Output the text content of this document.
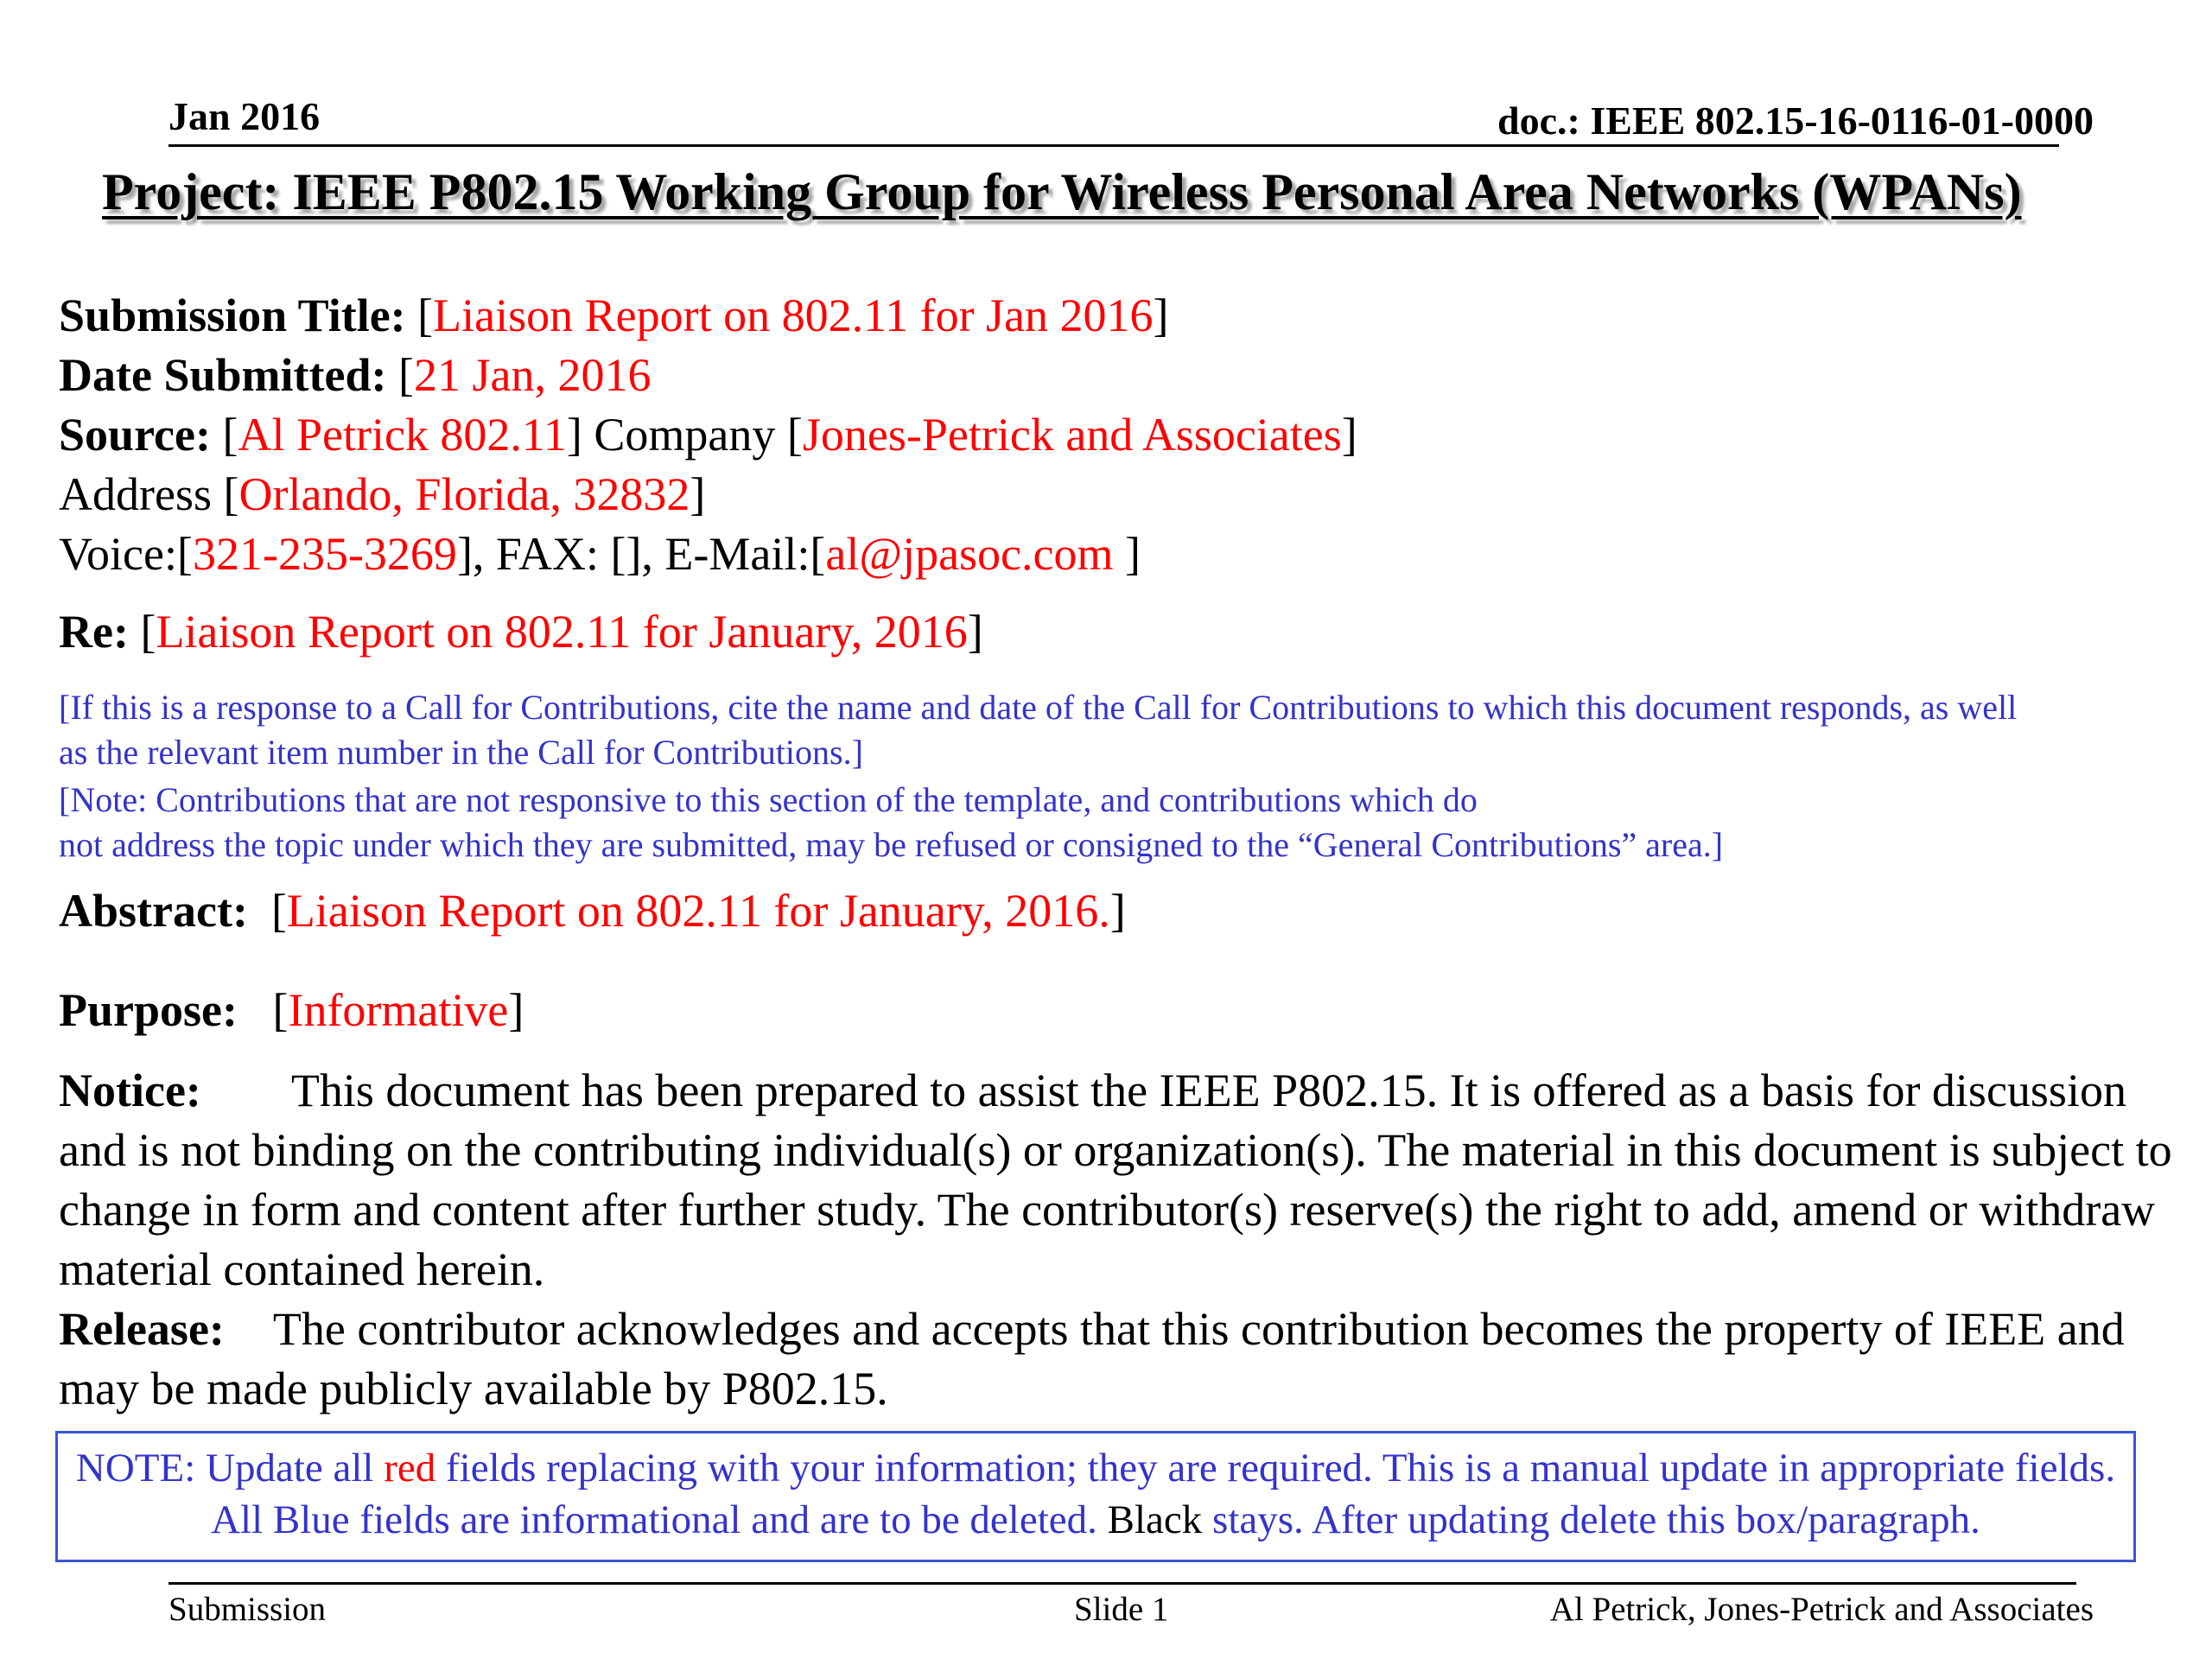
Jan 2016	doc.: IEEE 802.15-16-0116-01-0000
Project: IEEE P802.15 Working Group for Wireless Personal Area Networks (WPANs)
Submission Title: [Liaison Report on 802.11 for Jan 2016]
Date Submitted: [21 Jan, 2016
Source: [Al Petrick 802.11] Company [Jones-Petrick and Associates]
Address [Orlando, Florida, 32832]
Voice:[321-235-3269], FAX: [], E-Mail:[al@jpasoc.com ]
Re: [Liaison Report on 802.11 for January, 2016]
[If this is a response to a Call for Contributions, cite the name and date of the Call for Contributions to which this document responds, as well
as the relevant item number in the Call for Contributions.]
[Note: Contributions that are not responsive to this section of the template, and contributions which do
not address the topic under which they are submitted, may be refused or consigned to the “General Contributions” area.]
Abstract:  [Liaison Report on 802.11 for January, 2016.]
Purpose:   [Informative]

Notice: This document has been prepared to assist the IEEE P802.15. It is offered as a basis for discussion and is not binding on the contributing individual(s) or organization(s). The material in this document is subject to change in form and content after further study. The contributor(s) reserve(s) the right to add, amend or withdraw material contained herein.

Release: The contributor acknowledges and accepts that this contribution becomes the property of IEEE and may be made publicly available by P802.15.

NOTE: Update all red fields replacing with your information; they are required. This is a manual update in appropriate fields. All Blue fields are informational and are to be deleted. Black stays. After updating delete this box/paragraph.
Submission	Slide 1	Al Petrick, Jones-Petrick and Associates
